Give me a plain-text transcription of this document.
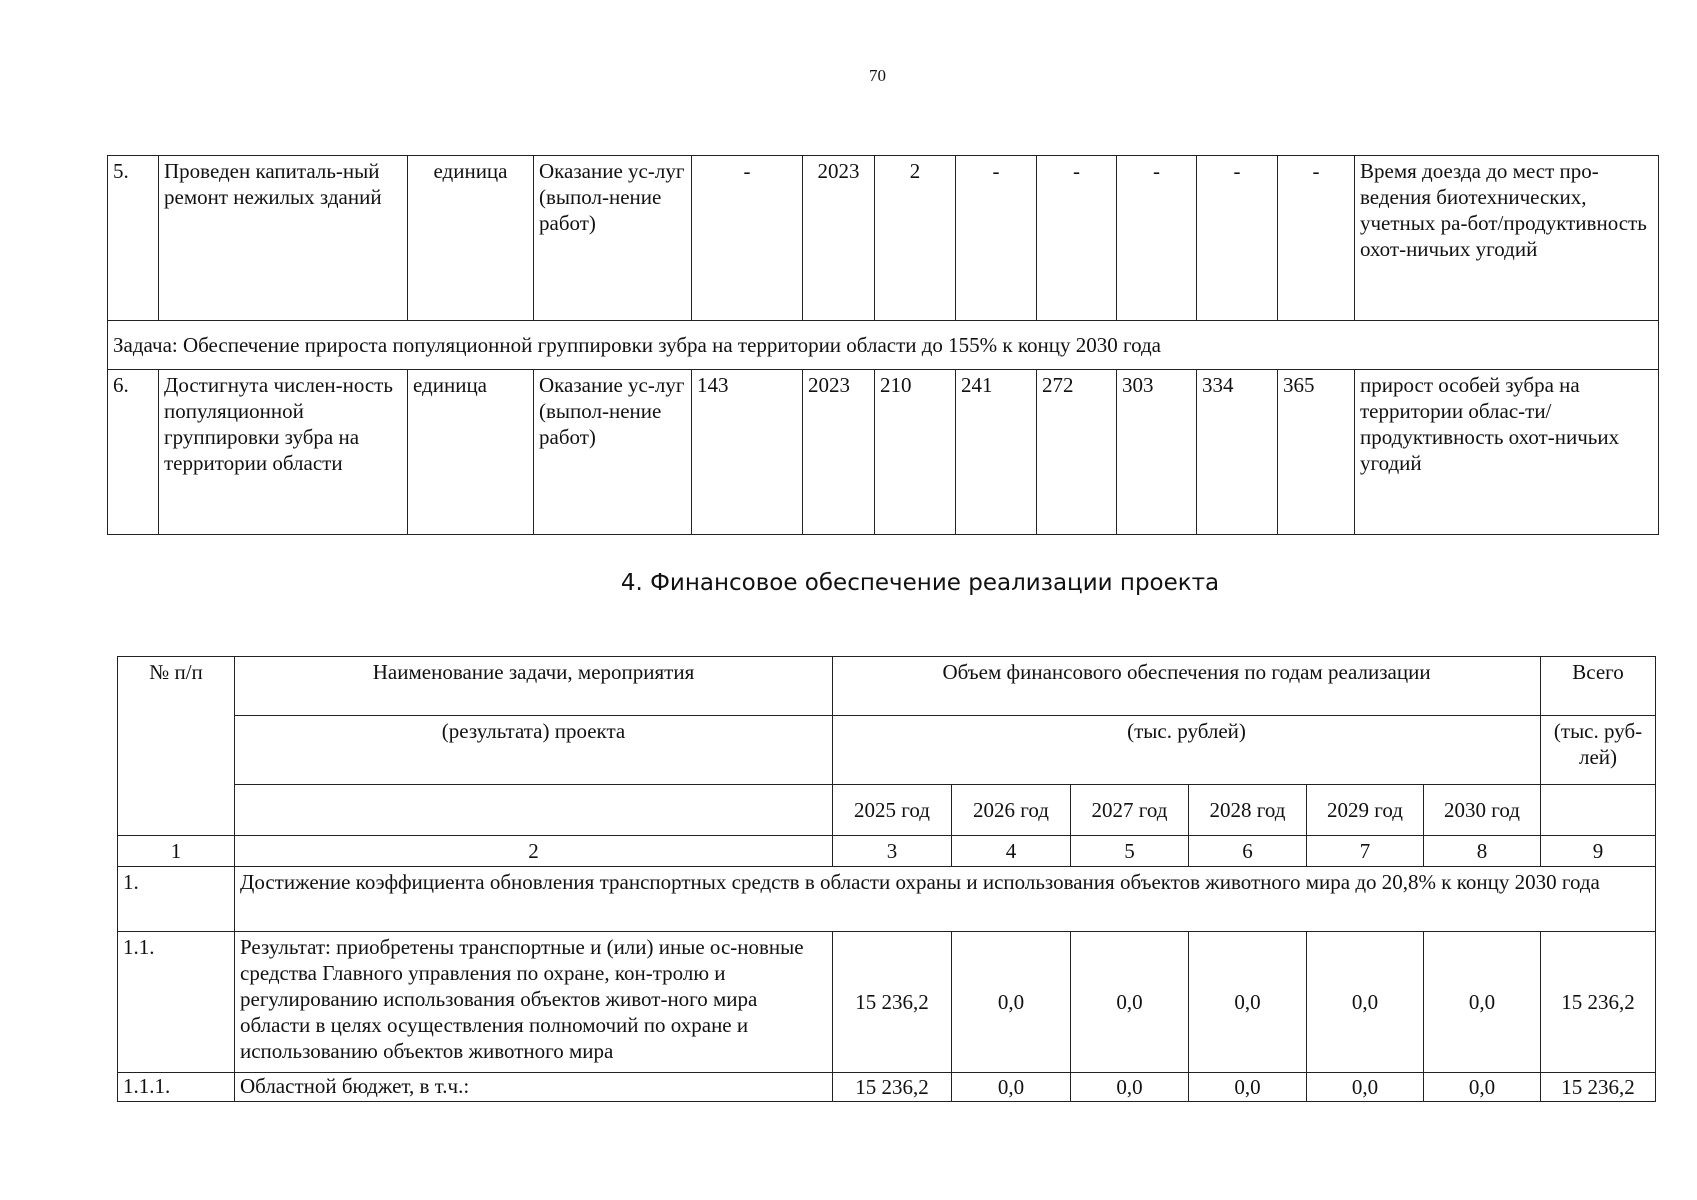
70
5.	Проведен капиталь-ный ремонт нежилых зданий	единица	Оказание ус-луг (выпол-нение работ)	-	2023	2	-	-	-	-	-	Время доезда до мест про-ведения биотехнических, учетных ра-бот/продуктивность охот-ничьих угодий
Задача: Обеспечение прироста популяционной группировки зубра на территории области до 155% к концу 2030 года												
6.	Достигнута числен-ность популяционной группировки зубра на территории области	единица	Оказание ус-луг (выпол-нение работ)	143	2023	210	241	272	303	334	365	прирост особей зубра на территории облас-ти/продуктивность охот-ничьих угодий
4. Финансовое обеспечение реализации проекта
№ п/п	Наименование задачи, мероприятия	Объем финансового обеспечения по годам реализации						Всего
	(результата) проекта	(тыс. рублей)						(тыс. руб-лей)
		2025 год	2026 год	2027 год	2028 год	2029 год	2030 год	
1	2	3	4	5	6	7	8	9
1.	Достижение коэффициента обновления транспортных средств в области охраны и использования объектов животного мира до 20,8% к концу 2030 года							
1.1.	Результат: приобретены транспортные и (или) иные ос-новные средства Главного управления по охране, кон-тролю и регулированию использования объектов живот-ного мира области в целях осуществления полномочий по охране и использованию объектов животного мира	15 236,2	0,0	0,0	0,0	0,0	0,0	15 236,2
1.1.1.	Областной бюджет, в т.ч.:	15 236,2	0,0	0,0	0,0	0,0	0,0	15 236,2
